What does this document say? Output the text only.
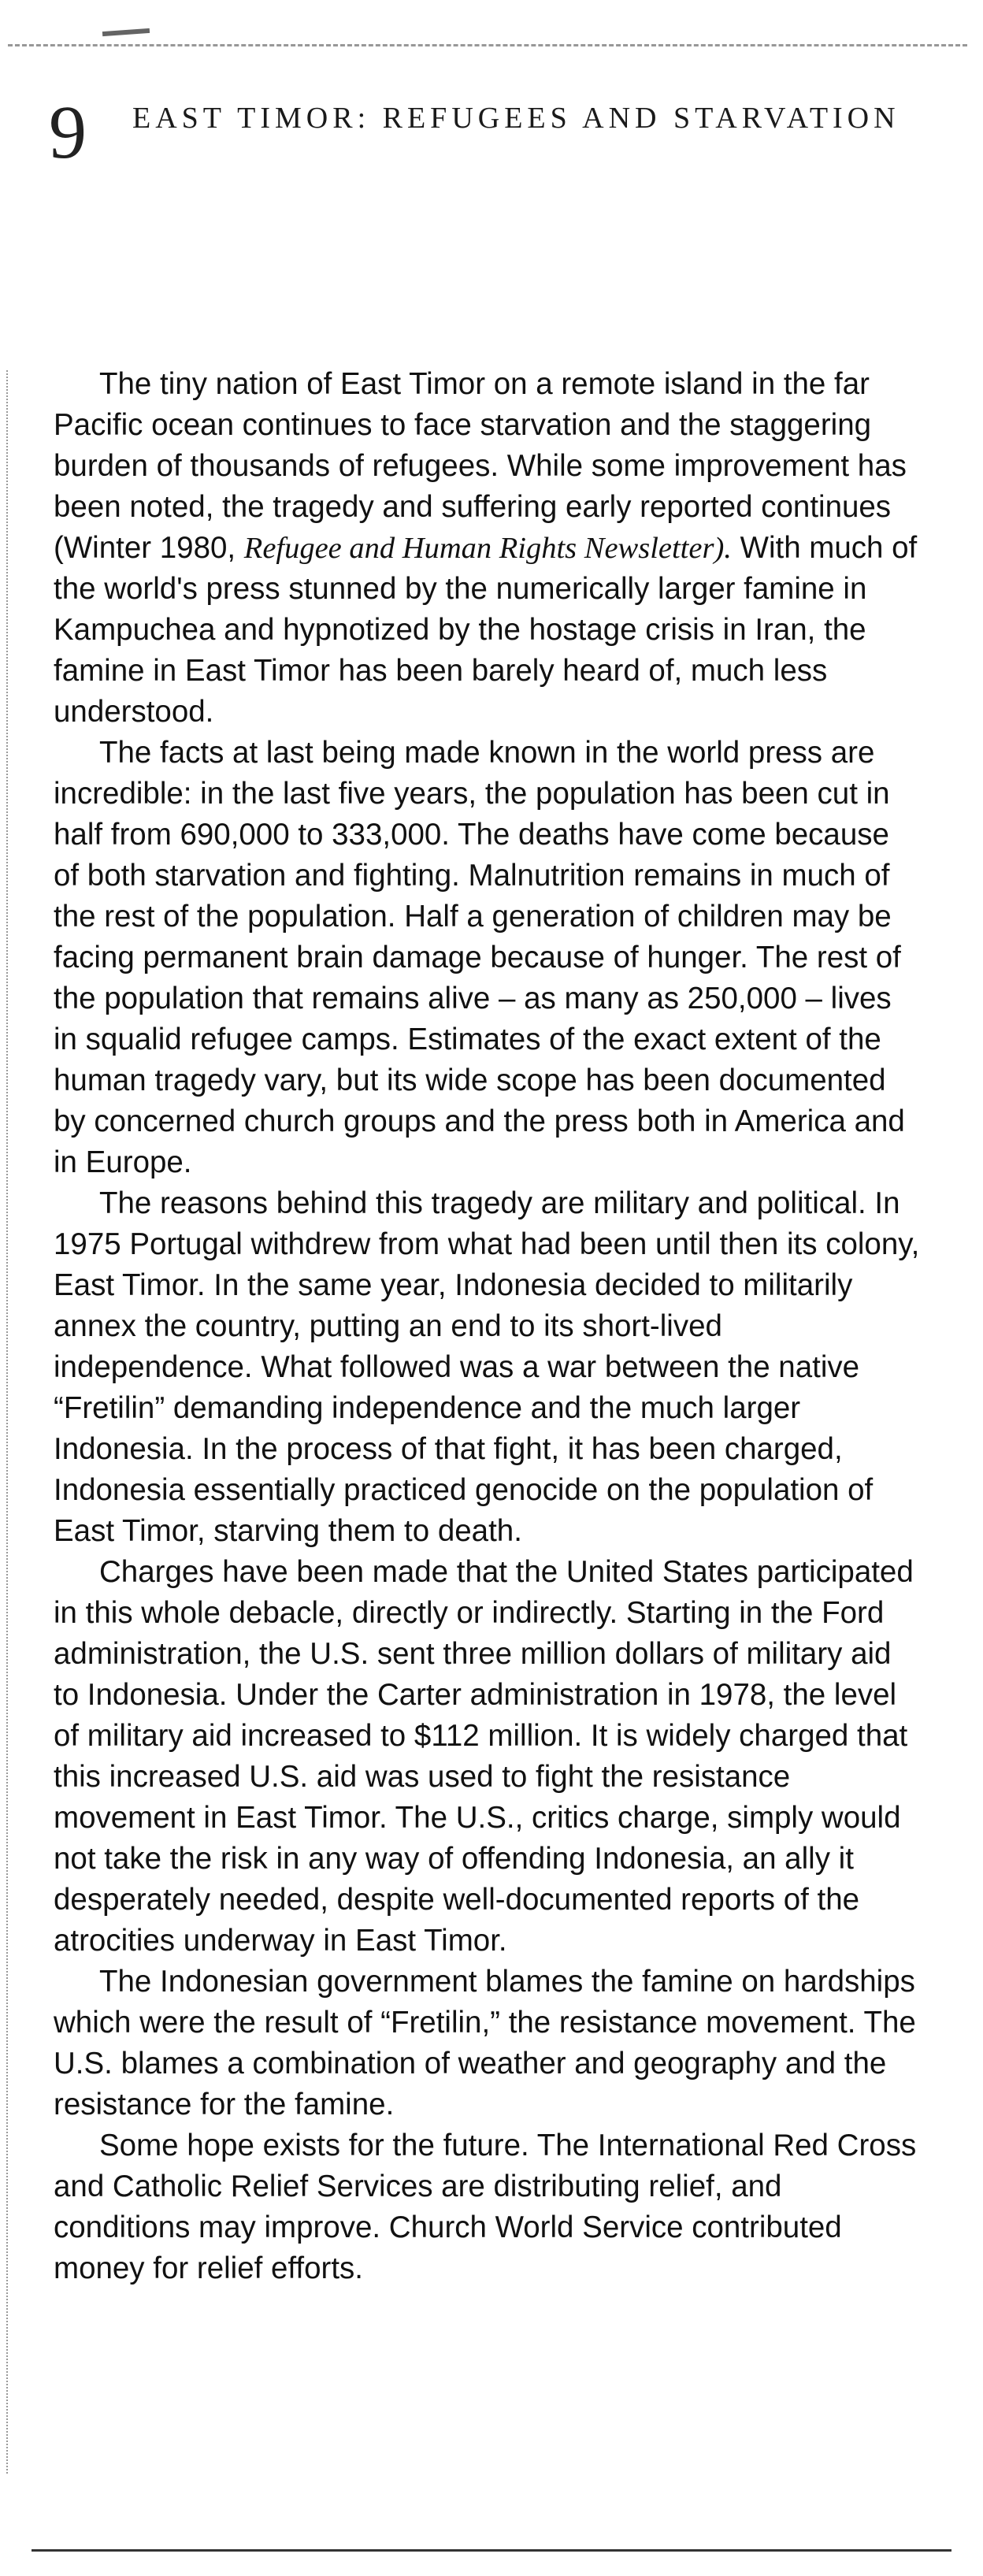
9 EAST TIMOR: REFUGEES AND STARVATION

The tiny nation of East Timor on a remote island in the far Pacific ocean continues to face starvation and the staggering burden of thousands of refugees. While some improvement has been noted, the tragedy and suffering early reported continues (Winter 1980, Refugee and Human Rights Newsletter). With much of the world's press stunned by the numerically larger famine in Kampuchea and hypnotized by the hostage crisis in Iran, the famine in East Timor has been barely heard of, much less understood.

The facts at last being made known in the world press are incredible: in the last five years, the population has been cut in half from 690,000 to 333,000. The deaths have come because of both starvation and fighting. Malnutrition remains in much of the rest of the population. Half a generation of children may be facing permanent brain damage because of hunger. The rest of the population that remains alive – as many as 250,000 – lives in squalid refugee camps. Estimates of the exact extent of the human tragedy vary, but its wide scope has been documented by concerned church groups and the press both in America and in Europe.

The reasons behind this tragedy are military and political. In 1975 Portugal withdrew from what had been until then its colony, East Timor. In the same year, Indonesia decided to militarily annex the country, putting an end to its short-lived independence. What followed was a war between the native “Fretilin” demanding independence and the much larger Indonesia. In the process of that fight, it has been charged, Indonesia essentially practiced genocide on the population of East Timor, starving them to death.

Charges have been made that the United States participated in this whole debacle, directly or indirectly. Starting in the Ford administration, the U.S. sent three million dollars of military aid to Indonesia. Under the Carter administration in 1978, the level of military aid increased to $112 million. It is widely charged that this increased U.S. aid was used to fight the resistance movement in East Timor. The U.S., critics charge, simply would not take the risk in any way of offending Indonesia, an ally it desperately needed, despite well-documented reports of the atrocities underway in East Timor.

The Indonesian government blames the famine on hardships which were the result of “Fretilin,” the resistance movement. The U.S. blames a combination of weather and geography and the resistance for the famine.

Some hope exists for the future. The International Red Cross and Catholic Relief Services are distributing relief, and conditions may improve. Church World Service contributed money for relief efforts.
